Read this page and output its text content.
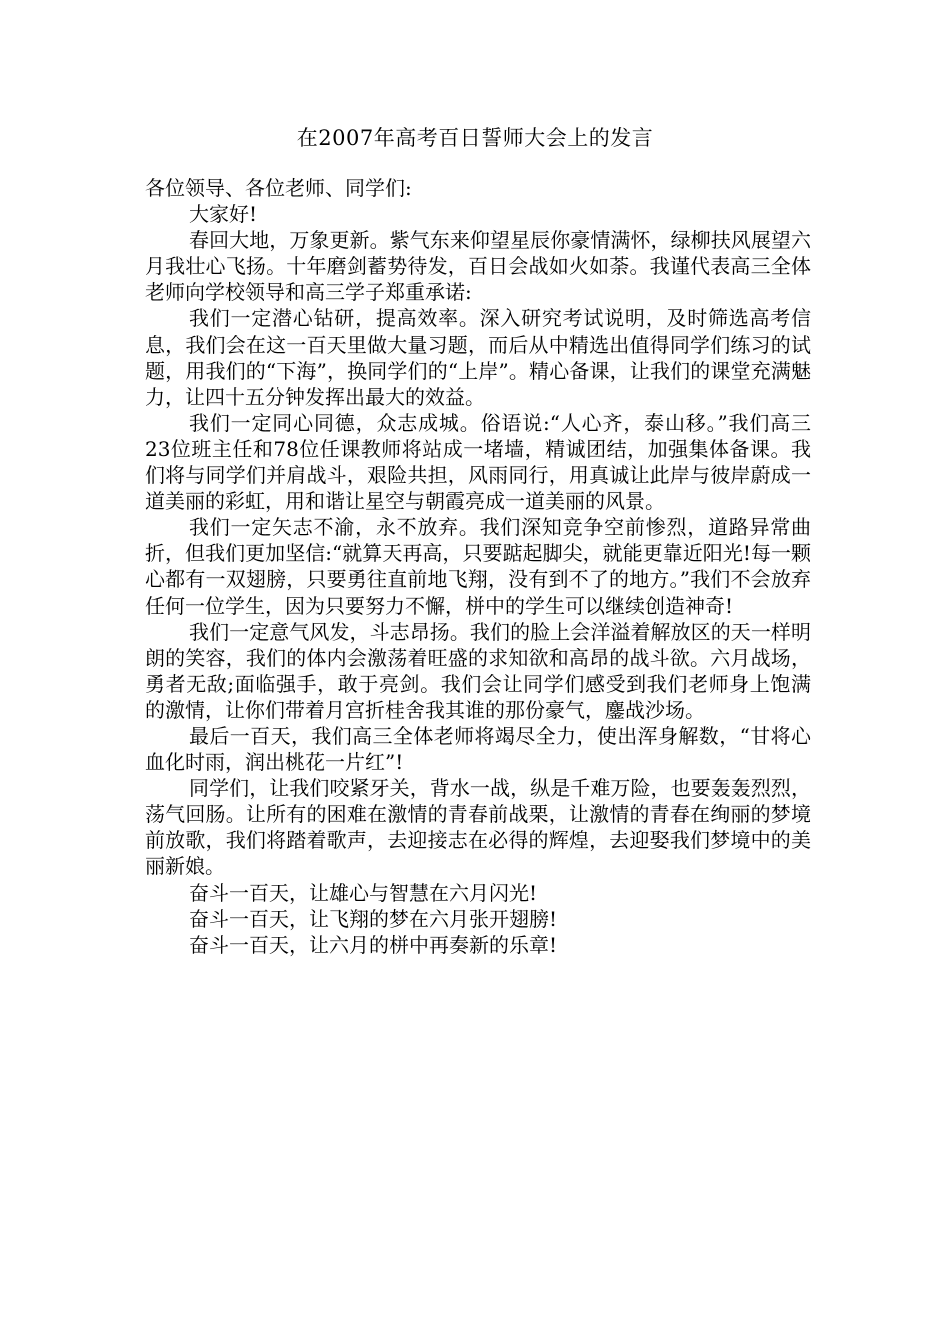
在2007年高考百日誓师大会上的发言

各位领导、各位老师、同学们:

大家好!

春回大地，万象更新。紫气东来仰望星辰你豪情满怀，绿柳扶风展望六月我壮心飞扬。十年磨剑蓄势待发，百日会战如火如荼。我谨代表高三全体老师向学校领导和高三学子郑重承诺:

我们一定潜心钻研，提高效率。深入研究考试说明，及时筛选高考信息，我们会在这一百天里做大量习题，而后从中精选出值得同学们练习的试题，用我们的“下海”，换同学们的“上岸”。精心备课，让我们的课堂充满魅力，让四十五分钟发挥出最大的效益。

我们一定同心同德，众志成城。俗语说:“人心齐，泰山移。”我们高三23位班主任和78位任课教师将站成一堵墙，精诚团结，加强集体备课。我们将与同学们并肩战斗，艰险共担，风雨同行，用真诚让此岸与彼岸蔚成一道美丽的彩虹，用和谐让星空与朝霞亮成一道美丽的风景。

我们一定矢志不渝，永不放弃。我们深知竞争空前惨烈，道路异常曲折，但我们更加坚信:“就算天再高，只要踮起脚尖，就能更靠近阳光!每一颗心都有一双翅膀，只要勇往直前地飞翔，没有到不了的地方。”我们不会放弃任何一位学生，因为只要努力不懈，栟中的学生可以继续创造神奇!

我们一定意气风发，斗志昂扬。我们的脸上会洋溢着解放区的天一样明朗的笑容，我们的体内会激荡着旺盛的求知欲和高昂的战斗欲。六月战场，勇者无敌;面临强手，敢于亮剑。我们会让同学们感受到我们老师身上饱满的激情，让你们带着月宫折桂舍我其谁的那份豪气，鏖战沙场。

最后一百天，我们高三全体老师将竭尽全力，使出浑身解数，“甘将心血化时雨，润出桃花一片红”!

同学们，让我们咬紧牙关，背水一战，纵是千难万险，也要轰轰烈烈，荡气回肠。让所有的困难在激情的青春前战栗，让激情的青春在绚丽的梦境前放歌，我们将踏着歌声，去迎接志在必得的辉煌，去迎娶我们梦境中的美丽新娘。

奋斗一百天，让雄心与智慧在六月闪光!

奋斗一百天，让飞翔的梦在六月张开翅膀!

奋斗一百天，让六月的栟中再奏新的乐章!
